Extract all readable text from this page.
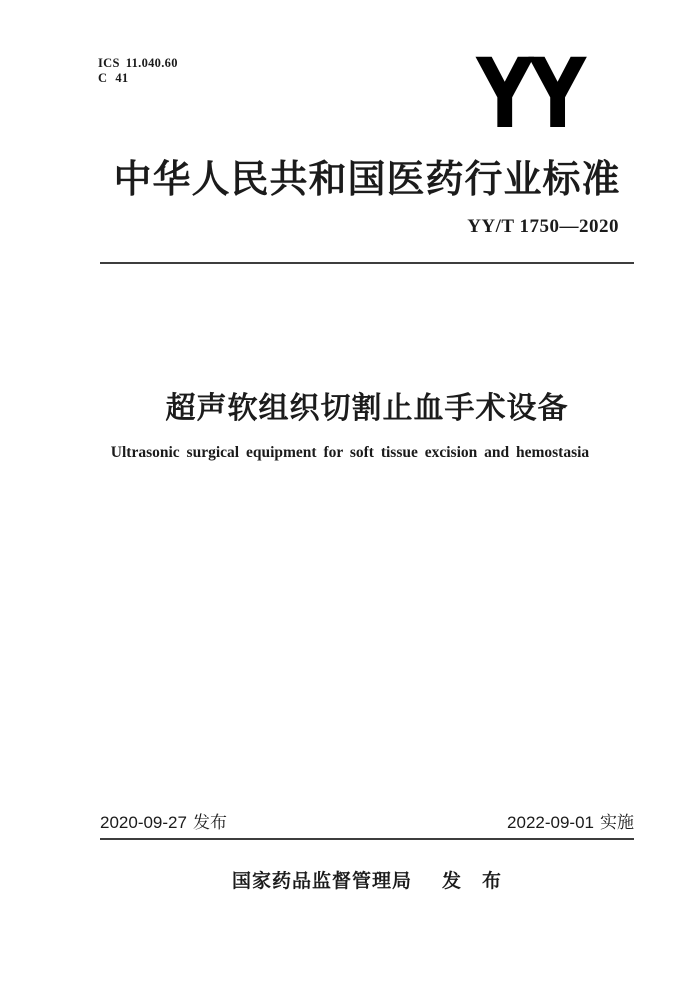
ICS 11.040.60
C 41	YY
中华人民共和国医药行业标准
YY/T 1750—2020
超声软组织切割止血手术设备
Ultrasonic surgical equipment for soft tissue excision and hemostasia
2020-09-27 发布	2022-09-01 实施
国家药品监督管理局 发　布
